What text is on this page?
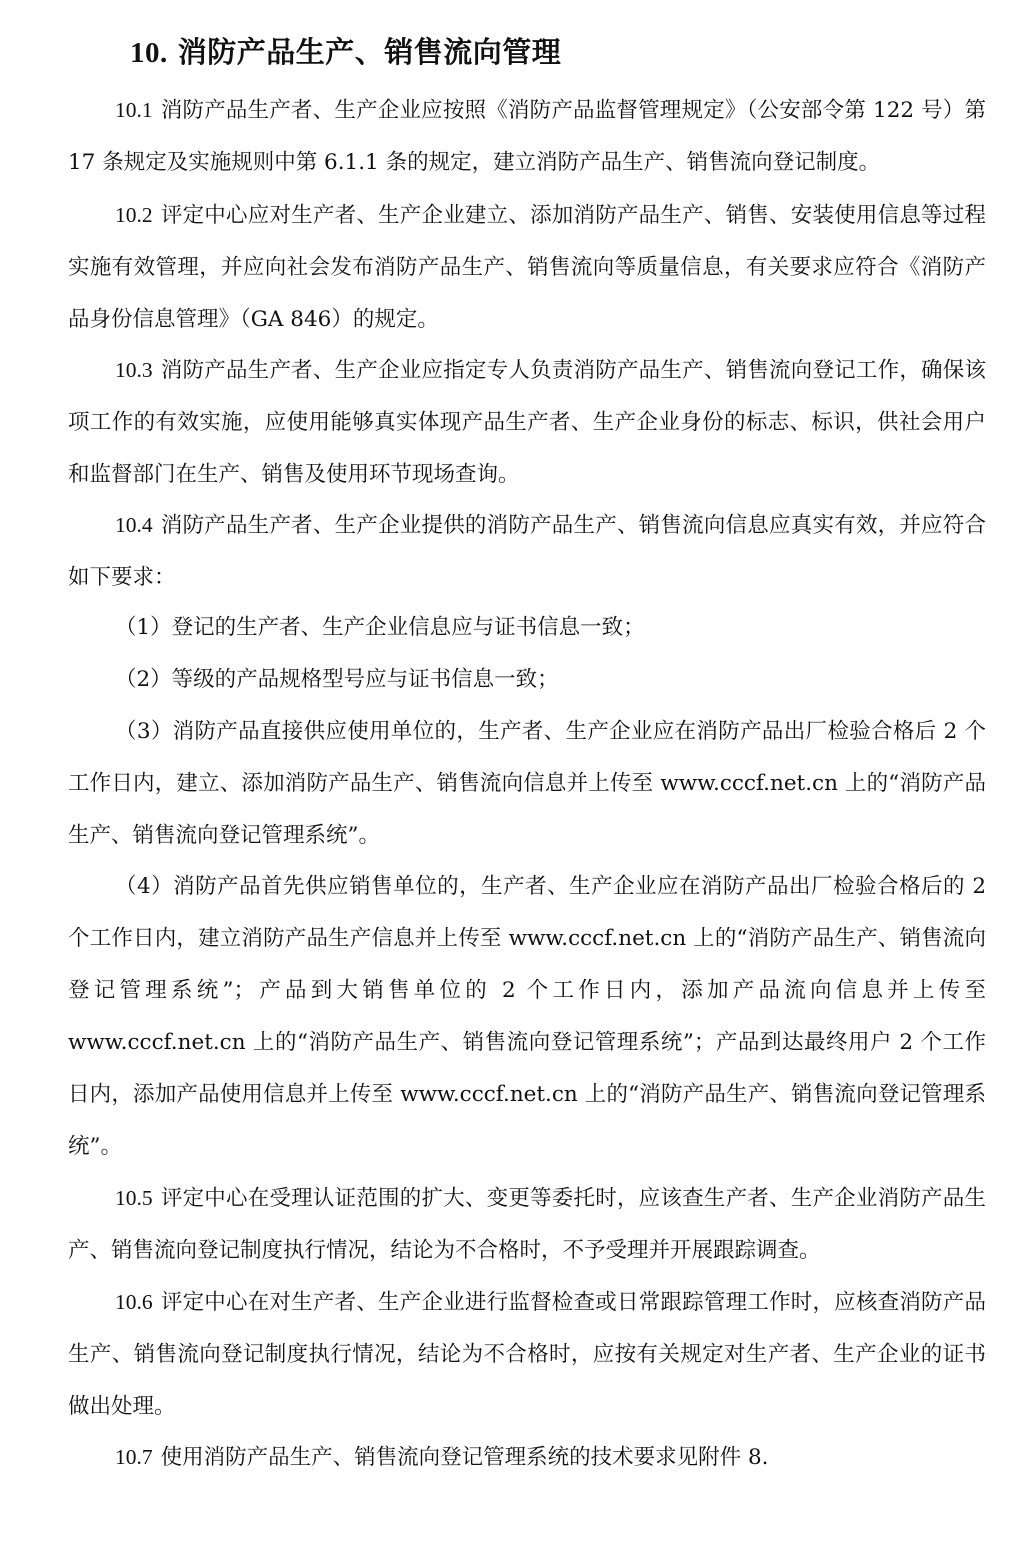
10. 消防产品生产、销售流向管理

10.1 消防产品生产者、生产企业应按照《消防产品监督管理规定》（公安部令第 122 号）第 17 条规定及实施规则中第 6.1.1 条的规定，建立消防产品生产、销售流向登记制度。

10.2 评定中心应对生产者、生产企业建立、添加消防产品生产、销售、安装使用信息等过程实施有效管理，并应向社会发布消防产品生产、销售流向等质量信息，有关要求应符合《消防产品身份信息管理》（GA 846）的规定。

10.3 消防产品生产者、生产企业应指定专人负责消防产品生产、销售流向登记工作，确保该项工作的有效实施，应使用能够真实体现产品生产者、生产企业身份的标志、标识，供社会用户和监督部门在生产、销售及使用环节现场查询。

10.4 消防产品生产者、生产企业提供的消防产品生产、销售流向信息应真实有效，并应符合如下要求：

（1）登记的生产者、生产企业信息应与证书信息一致；

（2）等级的产品规格型号应与证书信息一致；

（3）消防产品直接供应使用单位的，生产者、生产企业应在消防产品出厂检验合格后 2 个工作日内，建立、添加消防产品生产、销售流向信息并上传至 www.cccf.net.cn 上的“消防产品生产、销售流向登记管理系统”。

（4）消防产品首先供应销售单位的，生产者、生产企业应在消防产品出厂检验合格后的 2 个工作日内，建立消防产品生产信息并上传至 www.cccf.net.cn 上的“消防产品生产、销售流向登记管理系统”；产品到大销售单位的 2 个工作日内，添加产品流向信息并上传至 www.cccf.net.cn 上的“消防产品生产、销售流向登记管理系统”；产品到达最终用户 2 个工作日内，添加产品使用信息并上传至 www.cccf.net.cn 上的“消防产品生产、销售流向登记管理系统”。

10.5 评定中心在受理认证范围的扩大、变更等委托时，应该查生产者、生产企业消防产品生产、销售流向登记制度执行情况，结论为不合格时，不予受理并开展跟踪调查。

10.6 评定中心在对生产者、生产企业进行监督检查或日常跟踪管理工作时，应核查消防产品生产、销售流向登记制度执行情况，结论为不合格时，应按有关规定对生产者、生产企业的证书做出处理。

10.7 使用消防产品生产、销售流向登记管理系统的技术要求见附件 8.
